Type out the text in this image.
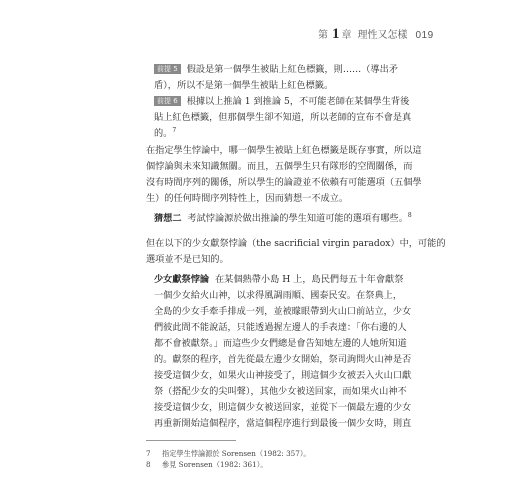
第 1 章 理性又怎樣 019
前提 5 假設是第一個學生被貼上紅色標籤，則……（導出矛
盾），所以不是第一個學生被貼上紅色標籤。
前提 6 根據以上推論 1 到推論 5，不可能老師在某個學生背後
貼上紅色標籤，但那個學生卻不知道，所以老師的宣布不會是真
的。$^7$
在指定學生悖論中，哪一個學生被貼上紅色標籤是既存事實，所以這
個悖論與未來知識無關。而且，五個學生只有隊形的空間關係，而
沒有時間序列的關係，所以學生的論證並不依賴有可能選項（五個學
生）的任何時間序列特性上，因而猜想一不成立。
猜想二 考試悖論源於做出推論的學生知道可能的選項有哪些。$^8$
但在以下的少女獻祭悖論（the sacrificial virgin paradox）中，可能的
選項並不是已知的。
少女獻祭悖論 在某個熱帶小島 H 上，島民們每五十年會獻祭
一個少女給火山神，以求得風調雨順、國泰民安。在祭典上，
全島的少女手牽手排成一列，並被矇眼帶到火山口前站立，少女
們彼此間不能說話，只能透過握左邊人的手表達：「你右邊的人
都不會被獻祭。」而這些少女們總是會告知她左邊的人她所知道
的。獻祭的程序，首先從最左邊少女開始，祭司詢問火山神是否
接受這個少女，如果火山神接受了，則這個少女被丟入火山口獻
祭（搭配少女的尖叫聲），其他少女被送回家，而如果火山神不
接受這個少女，則這個少女被送回家，並從下一個最左邊的少女
再重新開始這個程序，當這個程序進行到最後一個少女時，則直
7 指定學生悖論源於 Sorensen（1982: 357）。
8 參見 Sorensen（1982: 361）。
